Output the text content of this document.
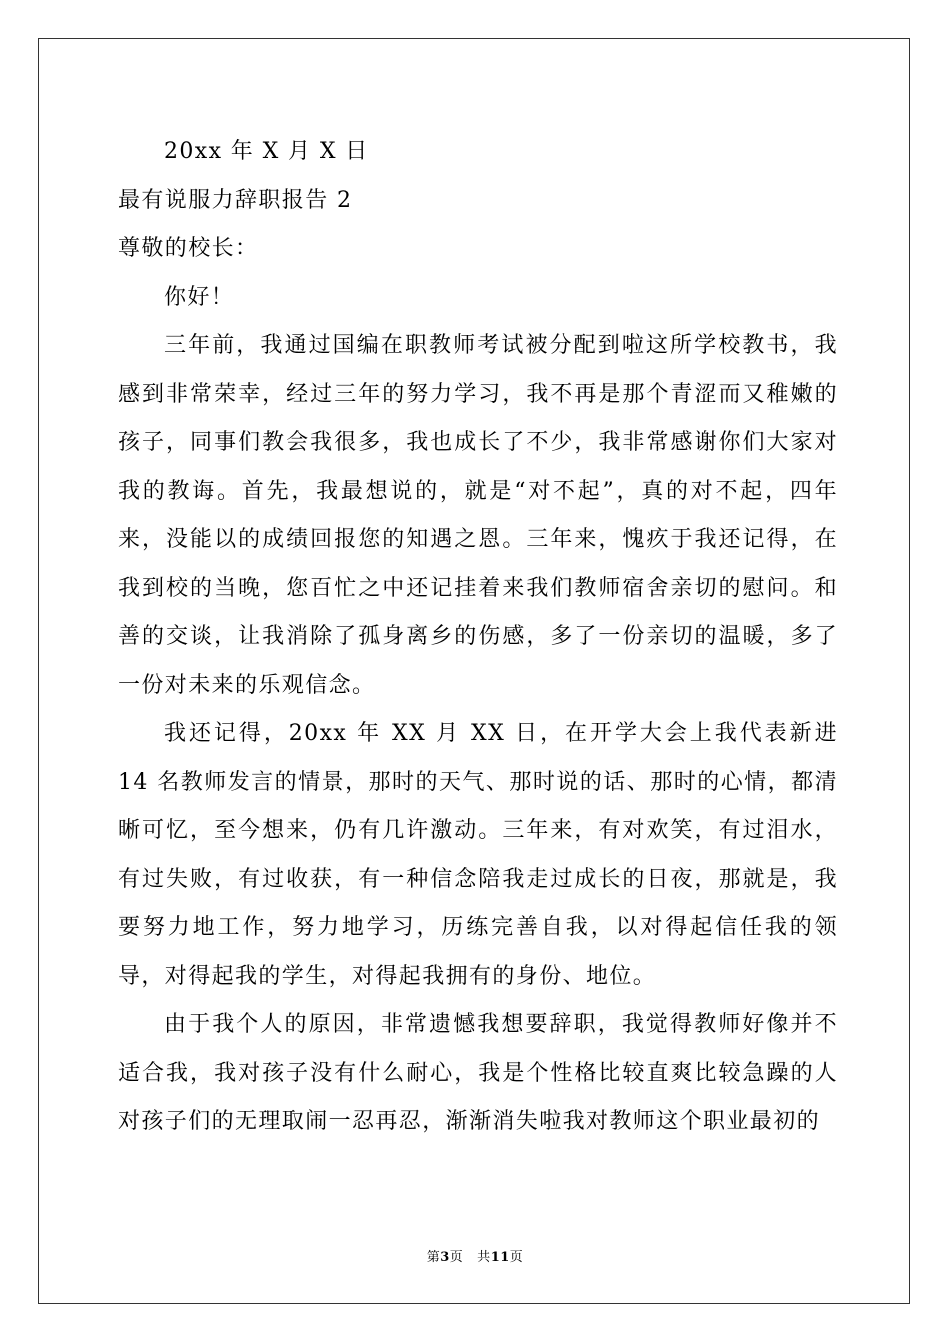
20xx 年 X 月 X 日
最有说服力辞职报告 2
尊敬的校长：
你好！

三年前，我通过国编在职教师考试被分配到啦这所学校教书，我感到非常荣幸，经过三年的努力学习，我不再是那个青涩而又稚嫩的孩子，同事们教会我很多，我也成长了不少，我非常感谢你们大家对我的教诲。首先，我最想说的，就是“对不起”，真的对不起，四年来，没能以的成绩回报您的知遇之恩。三年来，愧疚于我还记得，在我到校的当晚，您百忙之中还记挂着来我们教师宿舍亲切的慰问。和善的交谈，让我消除了孤身离乡的伤感，多了一份亲切的温暖，多了一份对未来的乐观信念。

我还记得，20xx 年 XX 月 XX 日，在开学大会上我代表新进 14 名教师发言的情景，那时的天气、那时说的话、那时的心情，都清晰可忆，至今想来，仍有几许激动。三年来，有对欢笑，有过泪水，有过失败，有过收获，有一种信念陪我走过成长的日夜，那就是，我要努力地工作，努力地学习，历练完善自我，以对得起信任我的领导，对得起我的学生，对得起我拥有的身份、地位。

由于我个人的原因，非常遗憾我想要辞职，我觉得教师好像并不适合我，我对孩子没有什么耐心，我是个性格比较直爽比较急躁的人对孩子们的无理取闹一忍再忍，渐渐消失啦我对教师这个职业最初的

第3页 共11页
